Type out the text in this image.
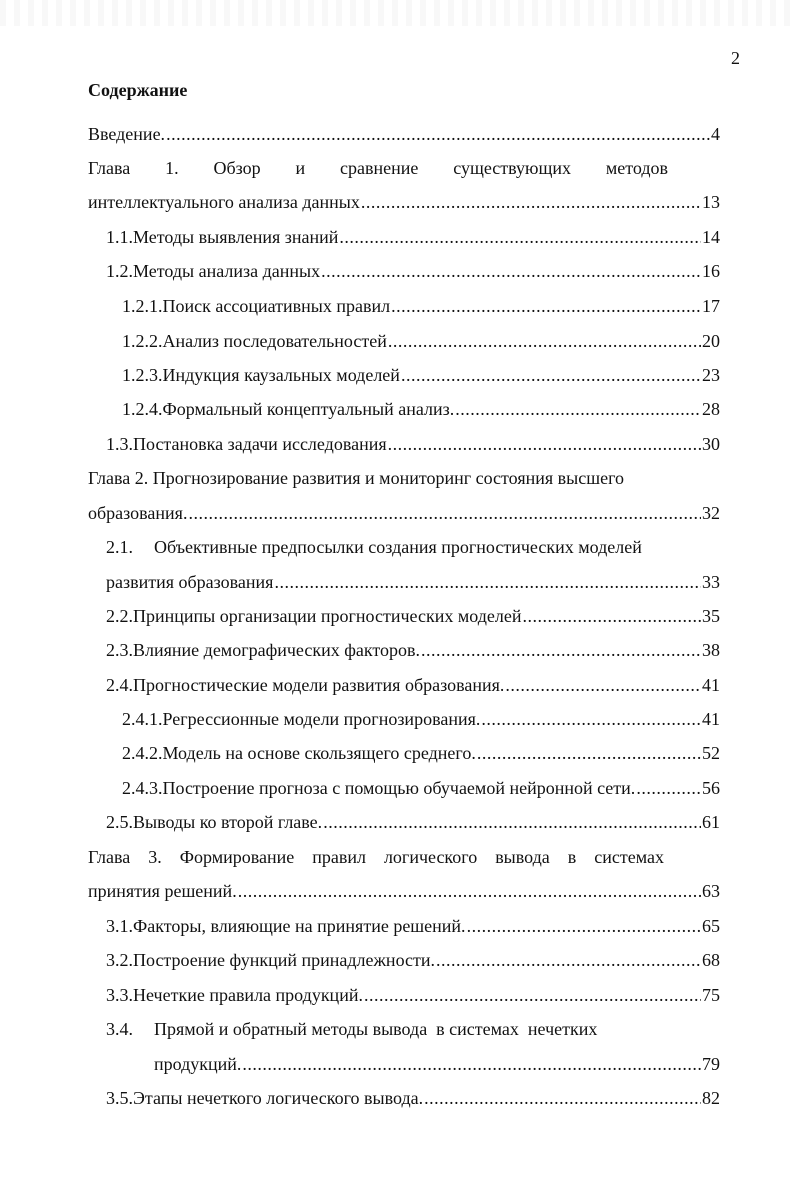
2
Содержание
Введение. . . .	4
Глава 1. Обзор и сравнение существующих методов
интеллектуального анализа данных . . .	13
1.1. Методы выявления знаний . . .	14
1.2. Методы анализа данных . . .	16
1.2.1. Поиск ассоциативных правил . . .	17
1.2.2. Анализ последовательностей . . .	20
1.2.3. Индукция каузальных моделей . . .	23
1.2.4. Формальный концептуальный анализ. . . .	28
1.3. Постановка задачи исследования . . .	30
Глава 2. Прогнозирование развития и мониторинг состояния высшего
образования. . . .	32
2.1. Объективные предпосылки создания прогностических моделей
развития образования . . .	33
2.2. Принципы организации прогностических моделей . . .	35
2.3. Влияние демографических факторов. . . .	38
2.4. Прогностические модели развития образования. . . .	41
2.4.1. Регрессионные модели прогнозирования. . . .	41
2.4.2. Модель на основе скользящего среднего. . . .	52
2.4.3. Построение прогноза с помощью обучаемой нейронной сети. . . .	56
2.5. Выводы ко второй главе. . . .	61
Глава 3. Формирование правил логического вывода в системах
принятия решений. . . .	63
3.1. Факторы, влияющие на принятие решений. . . .	65
3.2. Построение функций принадлежности. . . .	68
3.3. Нечеткие правила продукций. . . .	75
3.4. Прямой и обратный методы вывода  в системах  нечетких
продукций. . . .	79
3.5. Этапы нечеткого логического вывода. . . .	82
